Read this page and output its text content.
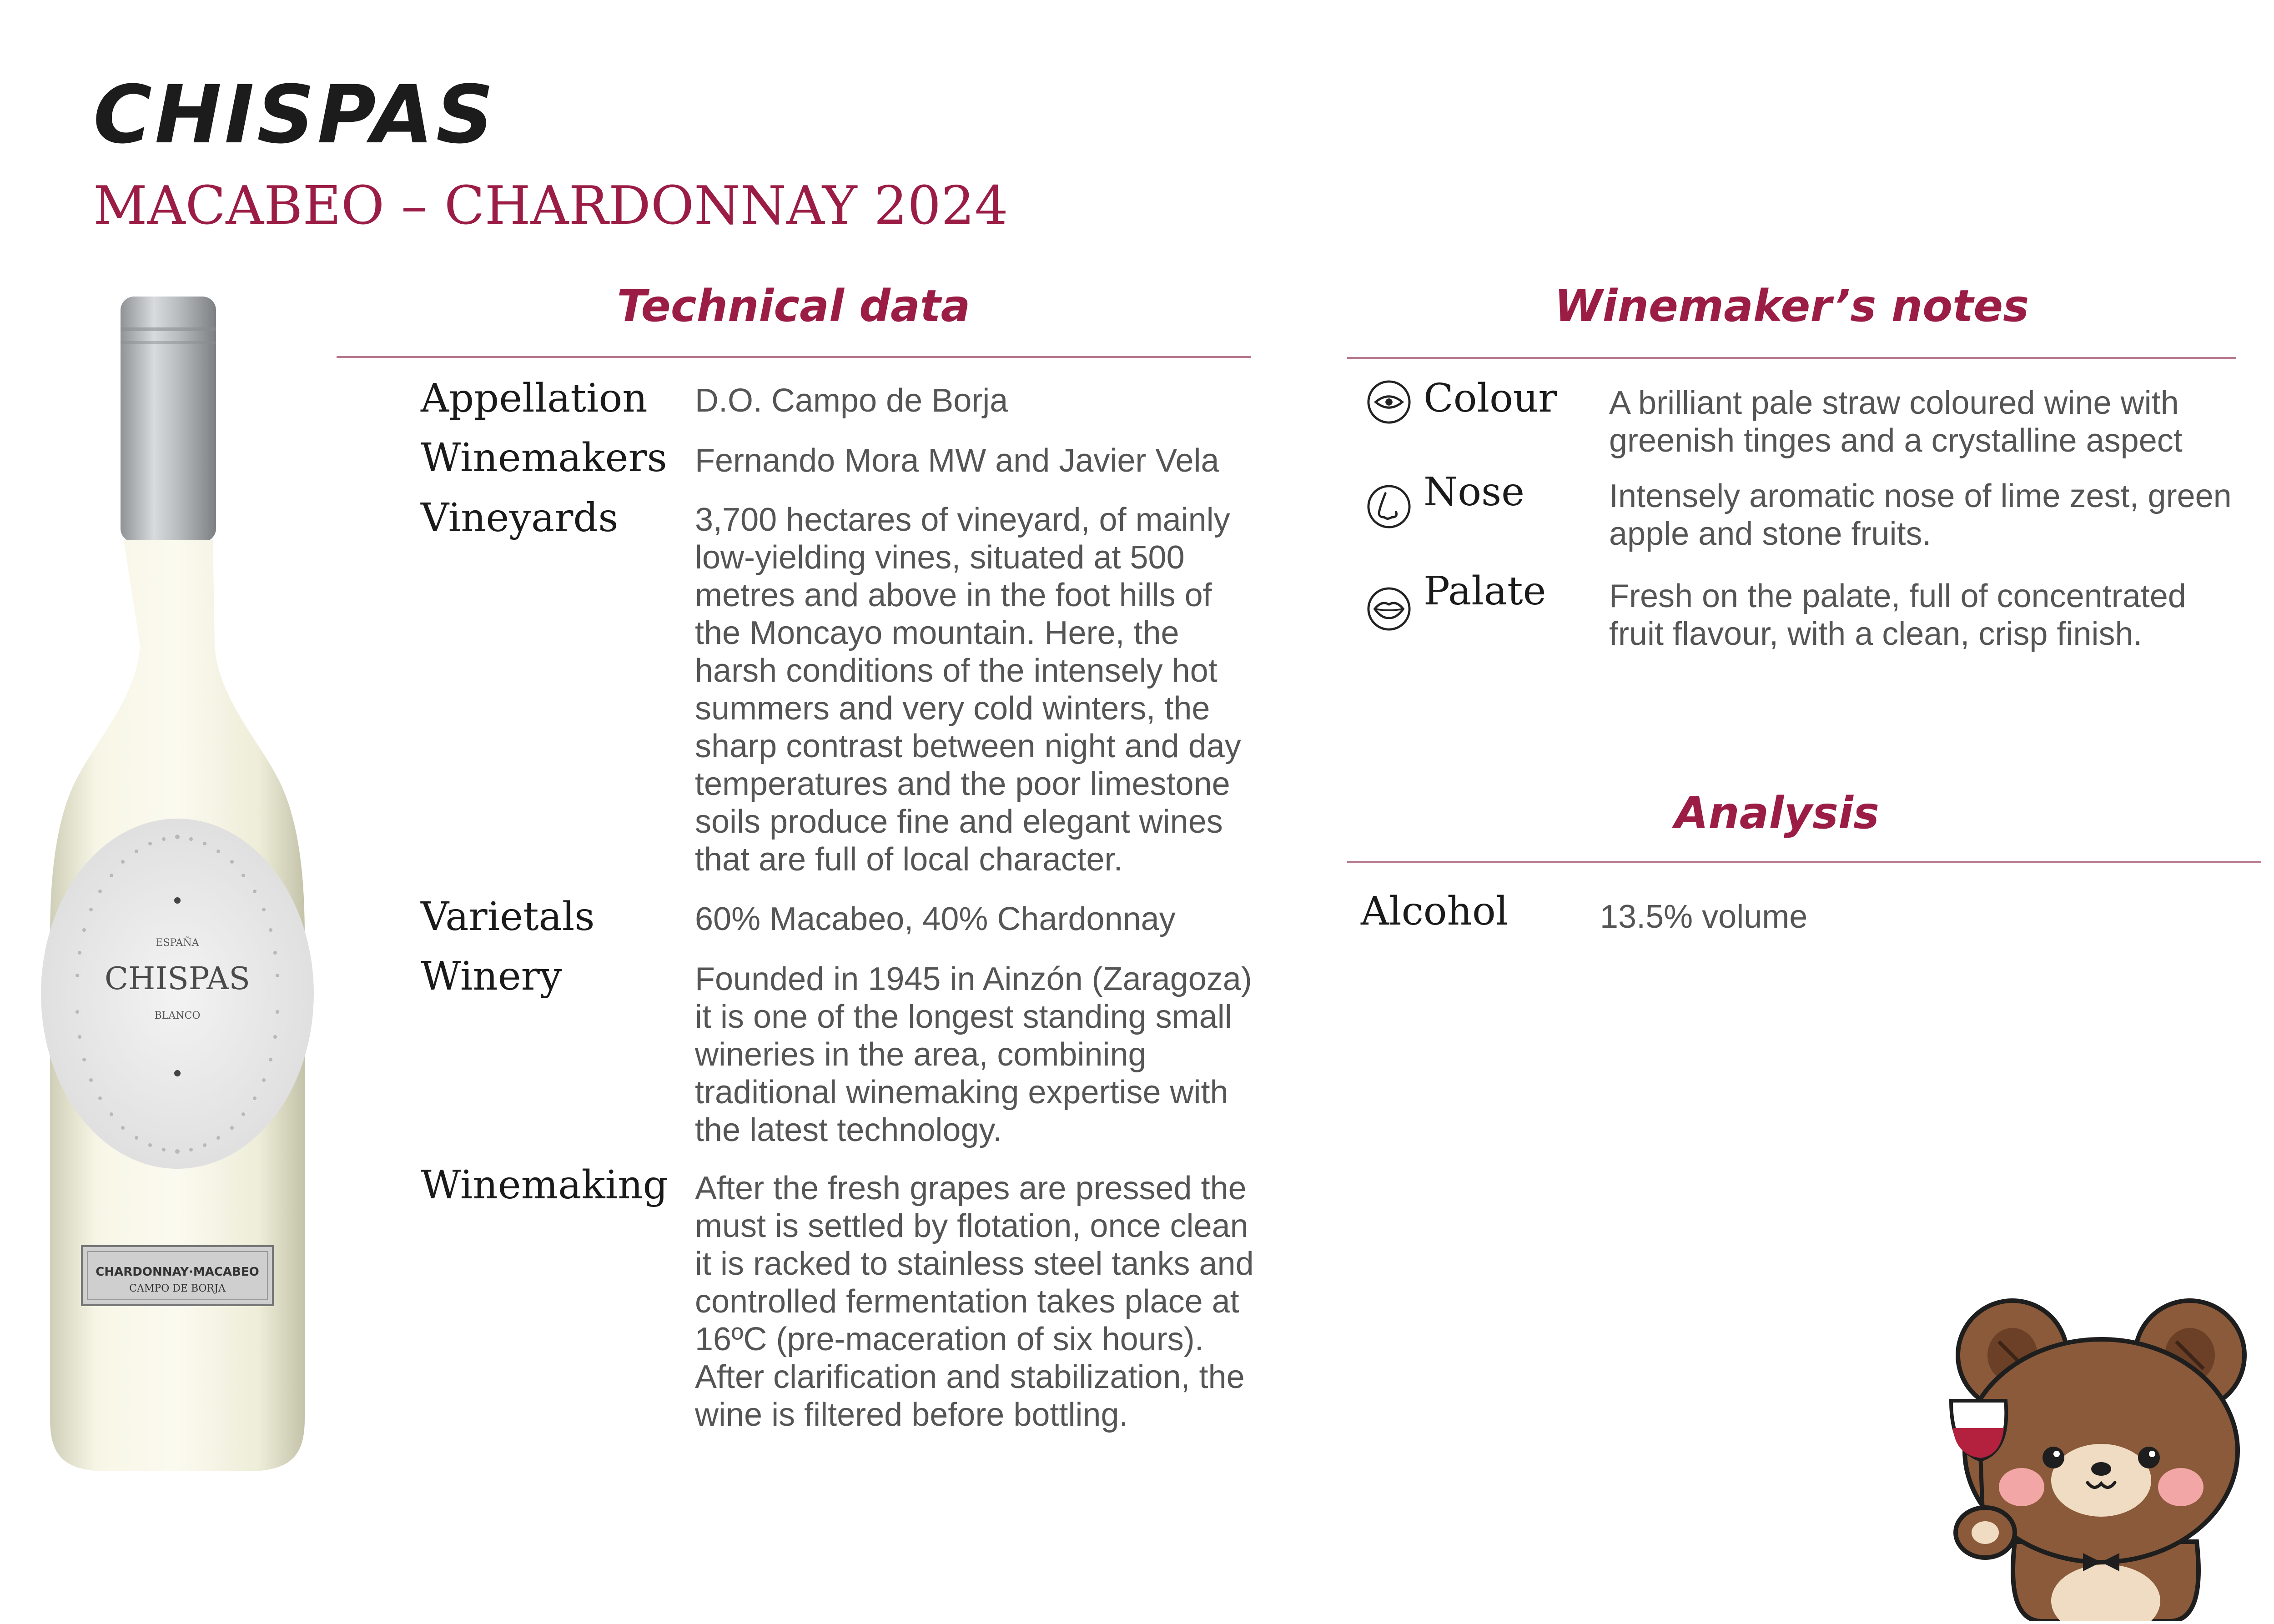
CHISPAS
MACABEO – CHARDONNAY 2024
ESPAÑA
CHISPAS
BLANCO
CHARDONNAY·MACABEO
CAMPO DE BORJA
Technical data
Appellation D.O. Campo de Borja
Winemakers Fernando Mora MW and Javier Vela
Vineyards 3,700 hectares of vineyard, of mainly low-yielding vines, situated at 500 metres and above in the foot hills of the Moncayo mountain. Here, the harsh conditions of the intensely hot summers and very cold winters, the sharp contrast between night and day temperatures and the poor limestone soils produce fine and elegant wines that are full of local character.
Varietals	60% Macabeo, 40% Chardonnay
Winery	Founded in 1945 in Ainzón (Zaragoza) it is one of the longest standing small wineries in the area, combining traditional winemaking expertise with the latest technology.
Winemaking After the fresh grapes are pressed the must is settled by flotation, once clean it is racked to stainless steel tanks and controlled fermentation takes place at 16ºC (pre-maceration of six hours). After clarification and stabilization, the wine is filtered before bottling.
Winemaker’s notes
Colour A brilliant pale straw coloured wine with greenish tinges and a crystalline aspect
Nose	Intensely aromatic nose of lime zest, green apple and stone fruits.
Palate Fresh on the palate, full of concentrated fruit flavour, with a clean, crisp finish.
Analysis
Alcohol	13.5% volume
